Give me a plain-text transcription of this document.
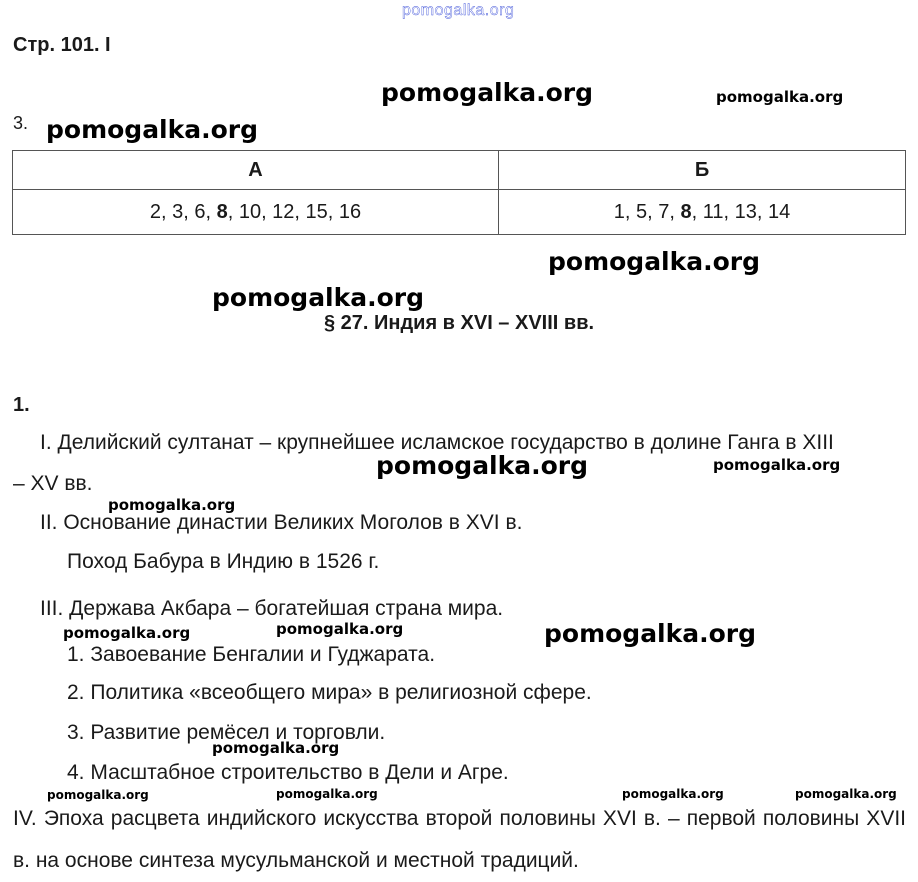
pomogalka.org
pomogalka.org	pomogalka.org
pomogalka.org
pomogalka.org
pomogalka.org
pomogalka.org	pomogalka.org
pomogalka.org
pomogalka.org	pomogalka.org	pomogalka.org
pomogalka.org
pomogalka.org	pomogalka.org	pomogalka.org	pomogalka.org
Стр. 101. I
3.
А	Б
2, 3, 6, 8, 10, 12, 15, 16	1, 5, 7, 8, 11, 13, 14
§ 27. Индия в XVI – XVIII вв.
1.
I. Делийский султанат – крупнейшее исламское государство в долине Ганга в XIII
– XV вв.
II. Основание династии Великих Моголов в XVI в.
Поход Бабура в Индию в 1526 г.
III. Держава Акбара – богатейшая страна мира.
1. Завоевание Бенгалии и Гуджарата.
2. Политика «всеобщего мира» в религиозной сфере.
3. Развитие ремёсел и торговли.
4. Масштабное строительство в Дели и Агре.
IV. Эпоха расцвета индийского искусства второй половины XVI в. – первой половины XVII в. на основе синтеза мусульманской и местной традиций.
